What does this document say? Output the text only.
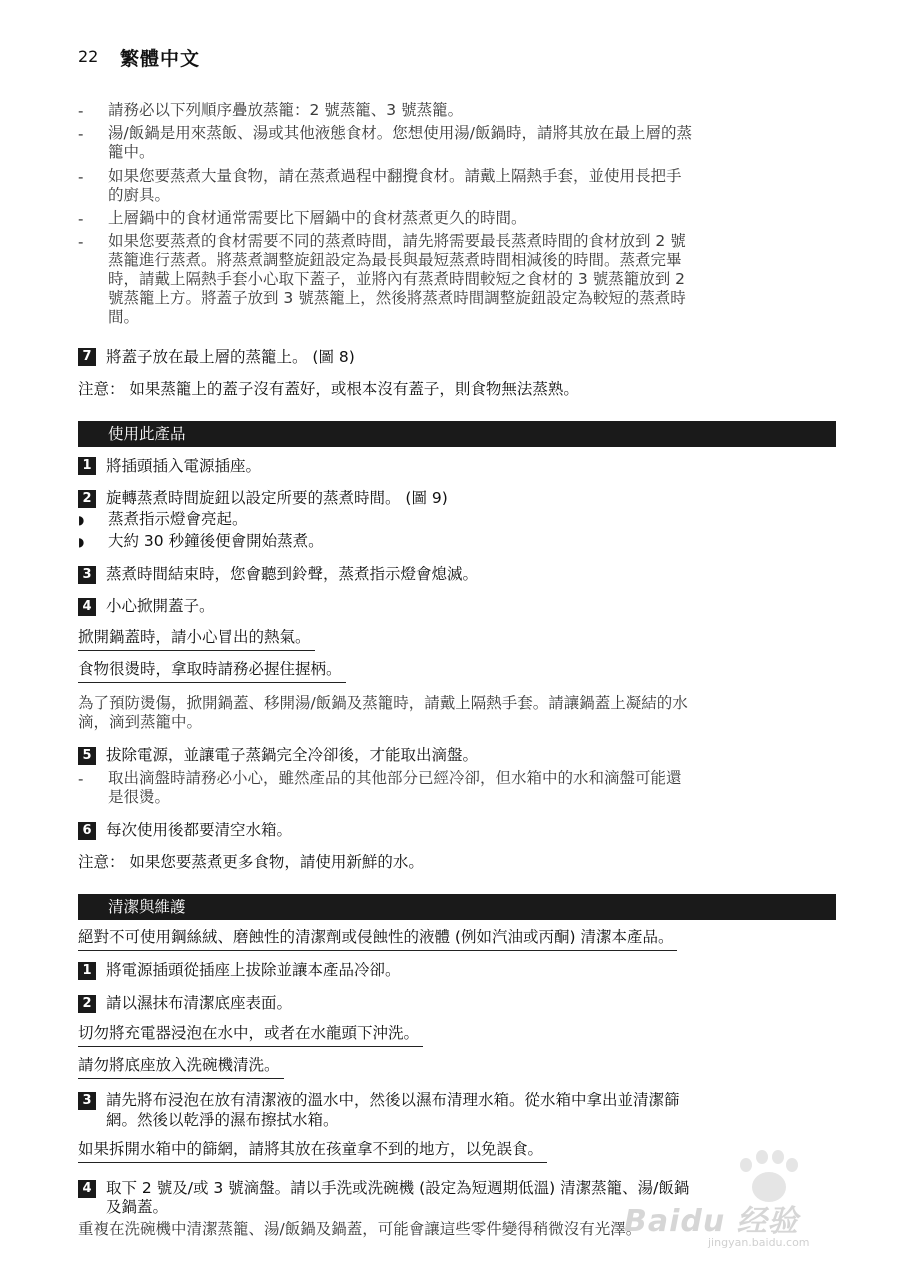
22 繁體中文
- 請務必以下列順序疊放蒸籠：2 號蒸籠、3 號蒸籠。
- 湯/飯鍋是用來蒸飯、湯或其他液態食材。您想使用湯/飯鍋時，請將其放在最上層的蒸
籠中。
- 如果您要蒸煮大量食物，請在蒸煮過程中翻攪食材。請戴上隔熱手套，並使用長把手
的廚具。
- 上層鍋中的食材通常需要比下層鍋中的食材蒸煮更久的時間。
- 如果您要蒸煮的食材需要不同的蒸煮時間，請先將需要最長蒸煮時間的食材放到 2 號
蒸籠進行蒸煮。將蒸煮調整旋鈕設定為最長與最短蒸煮時間相減後的時間。蒸煮完畢
時，請戴上隔熱手套小心取下蓋子，並將內有蒸煮時間較短之食材的 3 號蒸籠放到 2
號蒸籠上方。將蓋子放到 3 號蒸籠上，然後將蒸煮時間調整旋鈕設定為較短的蒸煮時
間。
7 將蓋子放在最上層的蒸籠上。 (圖 8)
注意： 如果蒸籠上的蓋子沒有蓋好，或根本沒有蓋子，則食物無法蒸熟。
使用此產品
1 將插頭插入電源插座。
2 旋轉蒸煮時間旋鈕以設定所要的蒸煮時間。 (圖 9)
◗ 蒸煮指示燈會亮起。
◗ 大約 30 秒鐘後便會開始蒸煮。
3 蒸煮時間結束時，您會聽到鈴聲，蒸煮指示燈會熄滅。
4 小心掀開蓋子。
掀開鍋蓋時，請小心冒出的熱氣。
食物很燙時，拿取時請務必握住握柄。
為了預防燙傷，掀開鍋蓋、移開湯/飯鍋及蒸籠時，請戴上隔熱手套。請讓鍋蓋上凝結的水
滴，滴到蒸籠中。
5 拔除電源，並讓電子蒸鍋完全冷卻後，才能取出滴盤。
- 取出滴盤時請務必小心，雖然產品的其他部分已經冷卻，但水箱中的水和滴盤可能還
是很燙。
6 每次使用後都要清空水箱。
注意： 如果您要蒸煮更多食物，請使用新鮮的水。
清潔與維護
絕對不可使用鋼絲絨、磨蝕性的清潔劑或侵蝕性的液體 (例如汽油或丙酮) 清潔本產品。
1 將電源插頭從插座上拔除並讓本產品冷卻。
2 請以濕抹布清潔底座表面。
切勿將充電器浸泡在水中，或者在水龍頭下沖洗。
請勿將底座放入洗碗機清洗。
3 請先將布浸泡在放有清潔液的溫水中，然後以濕布清理水箱。從水箱中拿出並清潔篩
網。然後以乾淨的濕布擦拭水箱。
如果拆開水箱中的篩網，請將其放在孩童拿不到的地方，以免誤食。
4 取下 2 號及/或 3 號滴盤。請以手洗或洗碗機 (設定為短週期低溫) 清潔蒸籠、湯/飯鍋
及鍋蓋。
重複在洗碗機中清潔蒸籠、湯/飯鍋及鍋蓋，可能會讓這些零件變得稍微沒有光澤。
Baidu 经验
jingyan.baidu.com
